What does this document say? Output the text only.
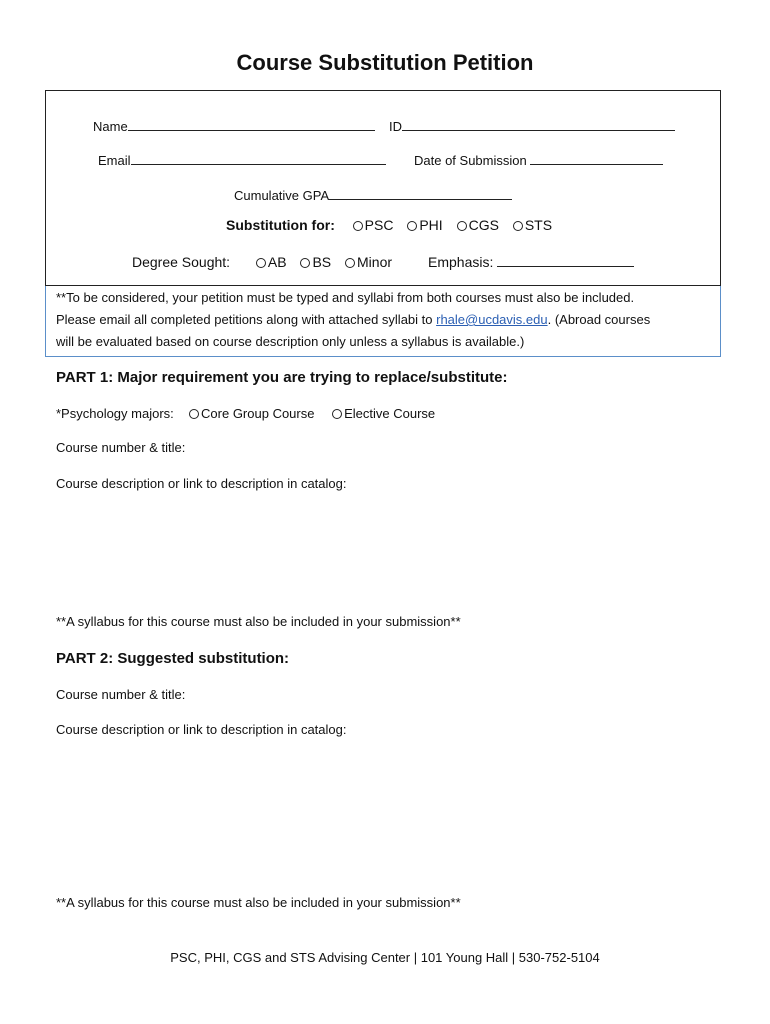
Course Substitution Petition
Name	ID
Email	Date of Submission
Cumulative GPA
Substitution for: PSC PHI CGS STS
Degree Sought:	AB BS Minor	Emphasis:
**To be considered, your petition must be typed and syllabi from both courses must also be included.
Please email all completed petitions along with attached syllabi to rhale@ucdavis.edu. (Abroad courses
will be evaluated based on course description only unless a syllabus is available.)
PART 1: Major requirement you are trying to replace/substitute:
*Psychology majors: Core Group Course Elective Course
Course number & title:
Course description or link to description in catalog:
**A syllabus for this course must also be included in your submission**
PART 2: Suggested substitution:
Course number & title:
Course description or link to description in catalog:
**A syllabus for this course must also be included in your submission**
PSC, PHI, CGS and STS Advising Center | 101 Young Hall | 530-752-5104
